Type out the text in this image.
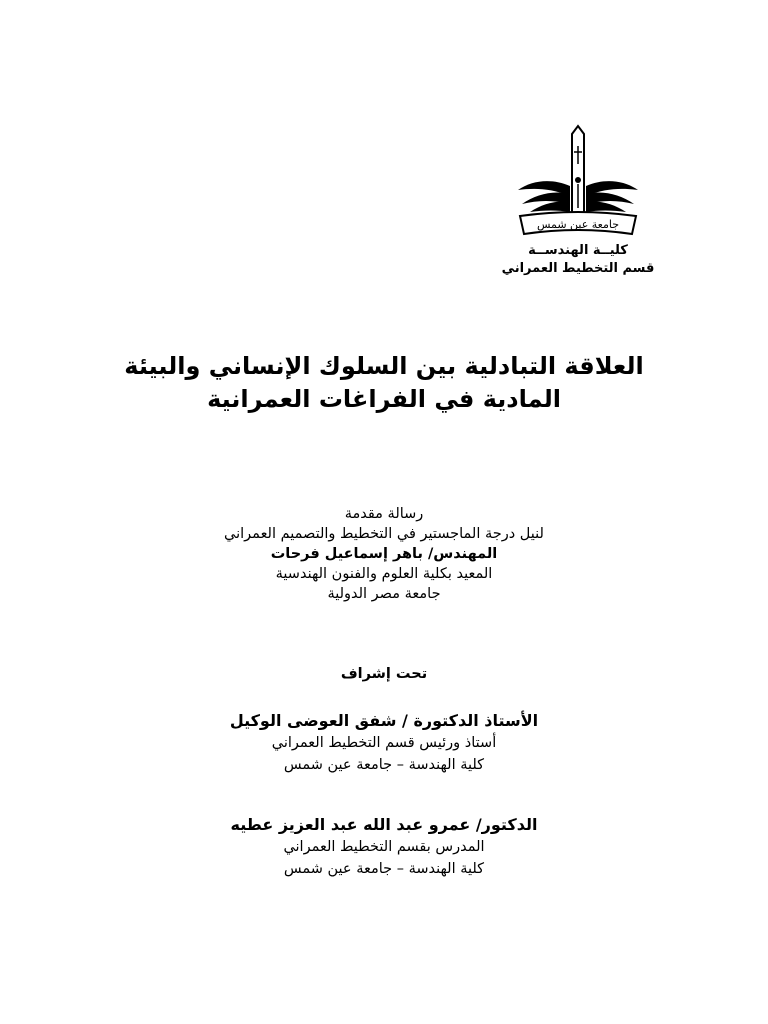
جامعة عين شمس
كليــة الهندســة
قسم التخطيط العمراني
العلاقة التبادلية بين السلوك الإنساني والبيئة
المادية في الفراغات العمرانية
رسالة مقدمة
لنيل درجة الماجستير في التخطيط والتصميم العمراني
المهندس/ باهر إسماعيل فرحات
المعيد بكلية العلوم والفنون الهندسية
جامعة مصر الدولية
تحت إشراف
الأستاذ الدكتورة / شفق العوضى الوكيل
أستاذ ورئيس قسم التخطيط العمراني
كلية الهندسة – جامعة عين شمس
الدكتور/ عمرو عبد الله عبد العزيز عطيه
المدرس بقسم التخطيط العمراني
كلية الهندسة – جامعة عين شمس
